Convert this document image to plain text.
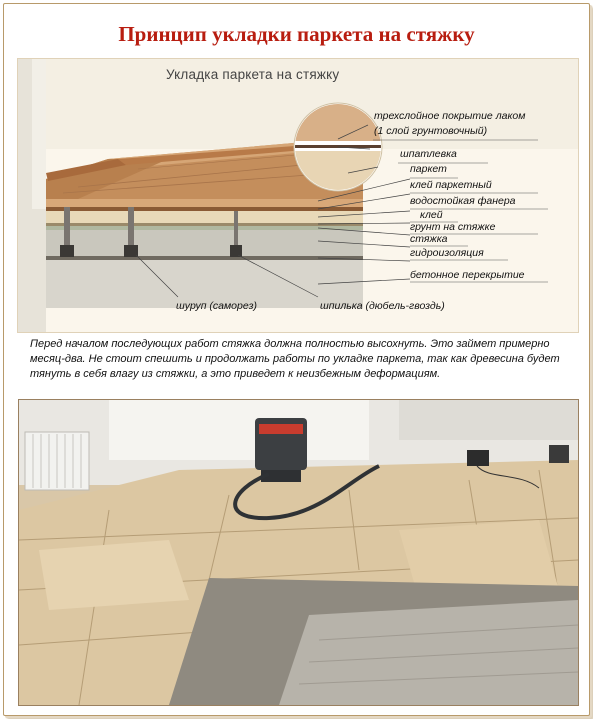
Принцип укладки паркета на стяжку
Укладка паркета на стяжку
трехслойное покрытие лаком
(1 слой грунтовочный)
шпатлевка
паркет
клей паркетный
водостойкая фанера
клей
грунт на стяжке
стяжка
гидроизоляция
бетонное перекрытие
шуруп (саморез)	шпилька (дюбель-гвоздь)
Перед началом последующих работ стяжка должна полностью высохнуть. Это займет примерно месяц-два. Не стоит спешить и продолжать работы по укладке паркета, так как древесина будет тянуть в себя влагу из стяжки, а это приведет к неизбежным деформациям.
